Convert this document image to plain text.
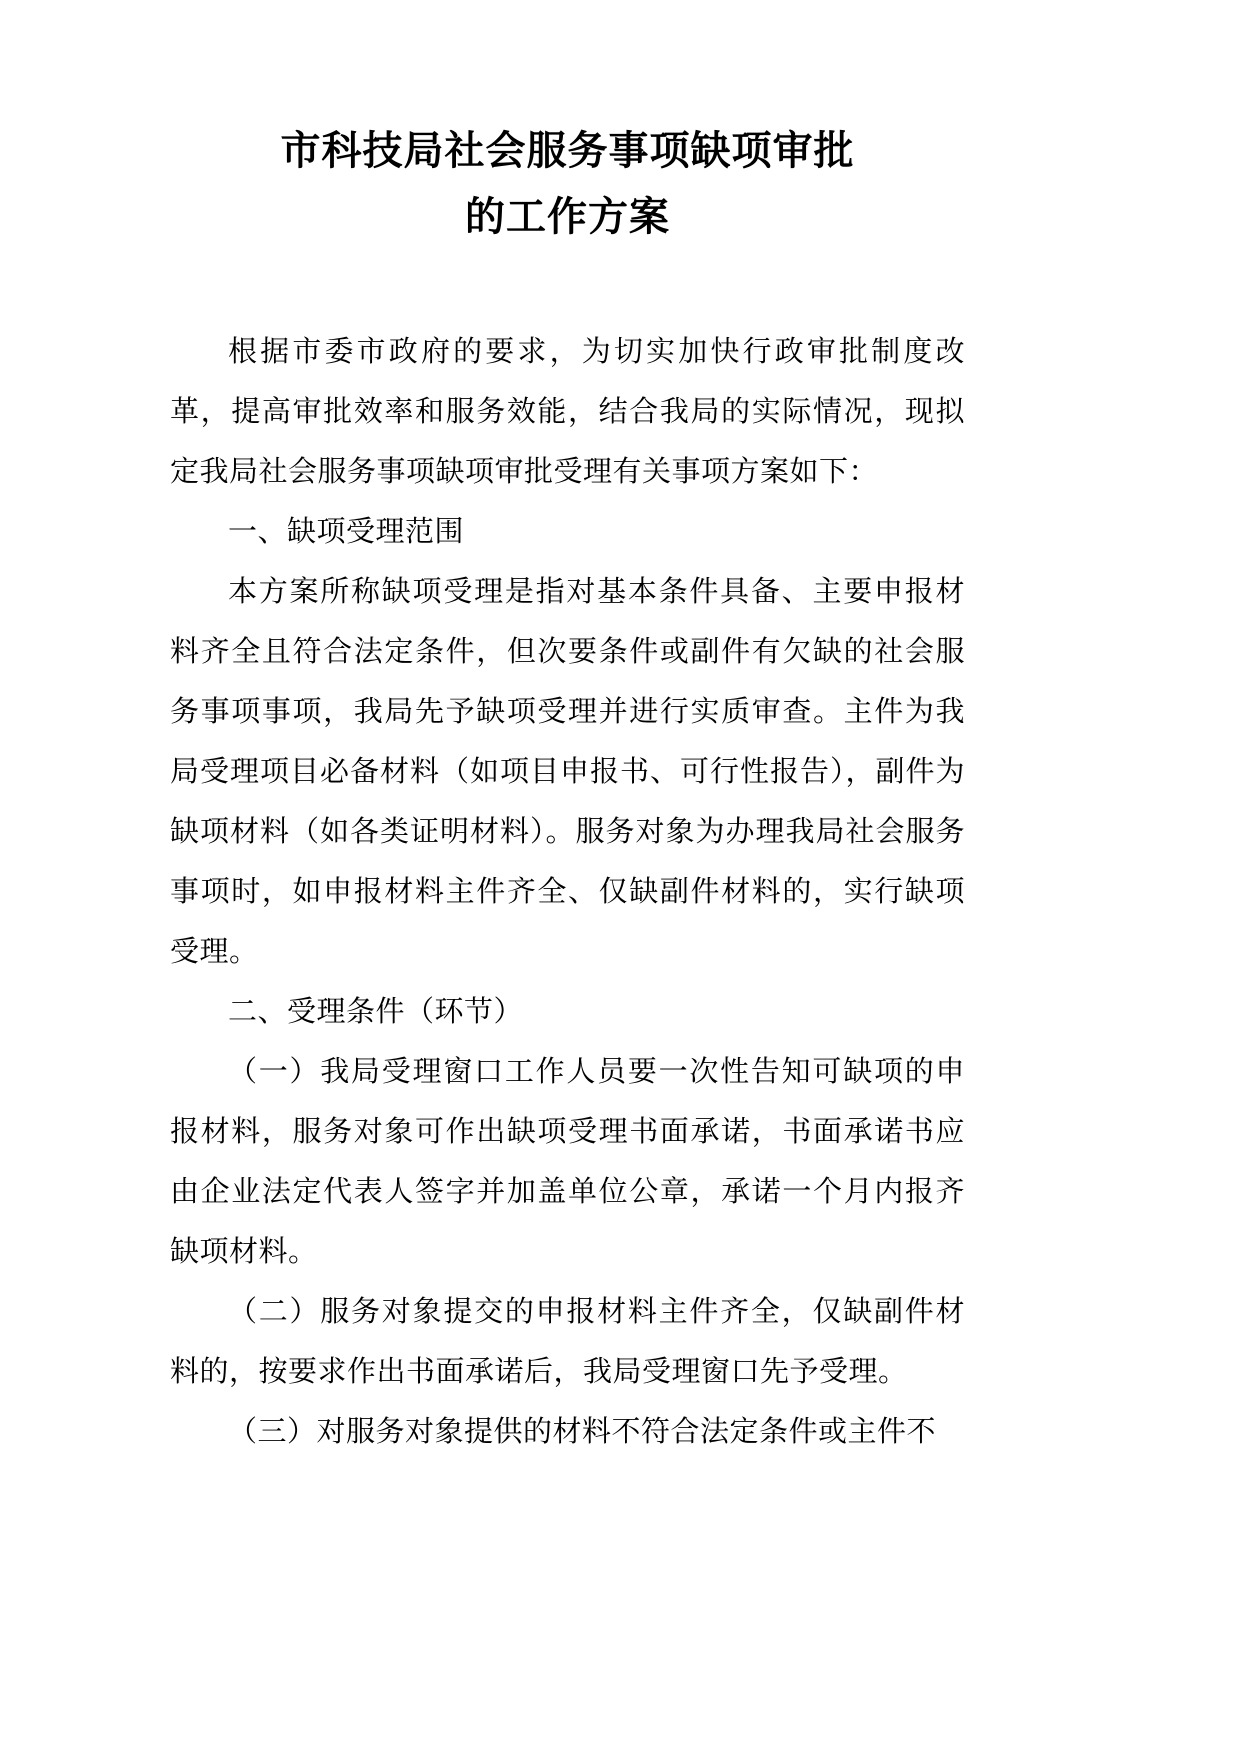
市科技局社会服务事项缺项审批
的工作方案

根据市委市政府的要求，为切实加快行政审批制度改革，提高审批效率和服务效能，结合我局的实际情况，现拟定我局社会服务事项缺项审批受理有关事项方案如下：

一、缺项受理范围

本方案所称缺项受理是指对基本条件具备、主要申报材料齐全且符合法定条件，但次要条件或副件有欠缺的社会服务事项事项，我局先予缺项受理并进行实质审查。主件为我局受理项目必备材料（如项目申报书、可行性报告），副件为缺项材料（如各类证明材料）。服务对象为办理我局社会服务事项时，如申报材料主件齐全、仅缺副件材料的，实行缺项受理。

二、受理条件（环节）

（一）我局受理窗口工作人员要一次性告知可缺项的申报材料，服务对象可作出缺项受理书面承诺，书面承诺书应由企业法定代表人签字并加盖单位公章，承诺一个月内报齐缺项材料。

（二）服务对象提交的申报材料主件齐全，仅缺副件材料的，按要求作出书面承诺后，我局受理窗口先予受理。

（三）对服务对象提供的材料不符合法定条件或主件不
